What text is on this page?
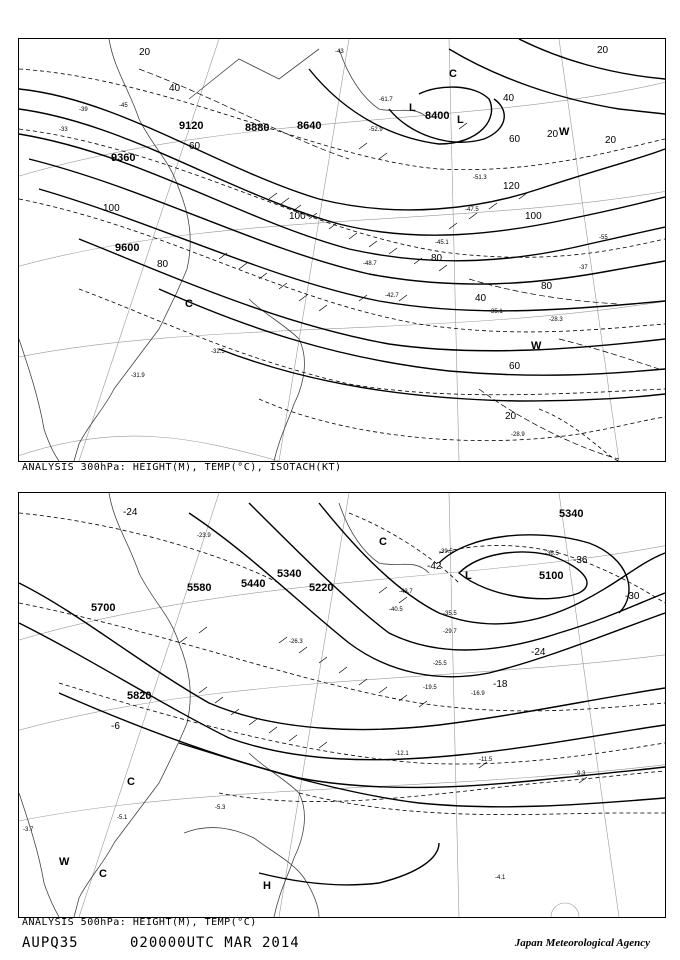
9120	8880	8640
8400
9360
9600
20
40
60
100
80
120
40
60
20
20
20
100	100
80
40
60
80
20
-51.3
-47.5
-45.1
-42.7
-35.1
-28.3
-28.9
-32.5
-31.9
-33
-39
-45
-48.7
-52.9
-61.7
-55
-43
-37
L
L
C
C
W
W
ANALYSIS 300hPa: HEIGHT(M), TEMP(°C), ISOTACH(KT)
5700
5580	5440
5340
5220
5100
5340
5820
-24
-42
-36
-30
-24
-18
-6
-12.1
-9.3
-11.5
-4.1
-5.3
-5.1
-3.7
-35.5
-36.5
-43.7
-40.5
-39.5
-29.7
-23.9
-26.3
-25.5
-16.9
-19.5
L
C
C
C
W
H
ANALYSIS 500hPa: HEIGHT(M), TEMP(°C)
AUPQ35	020000UTC MAR 2014	Japan Meteorological Agency
